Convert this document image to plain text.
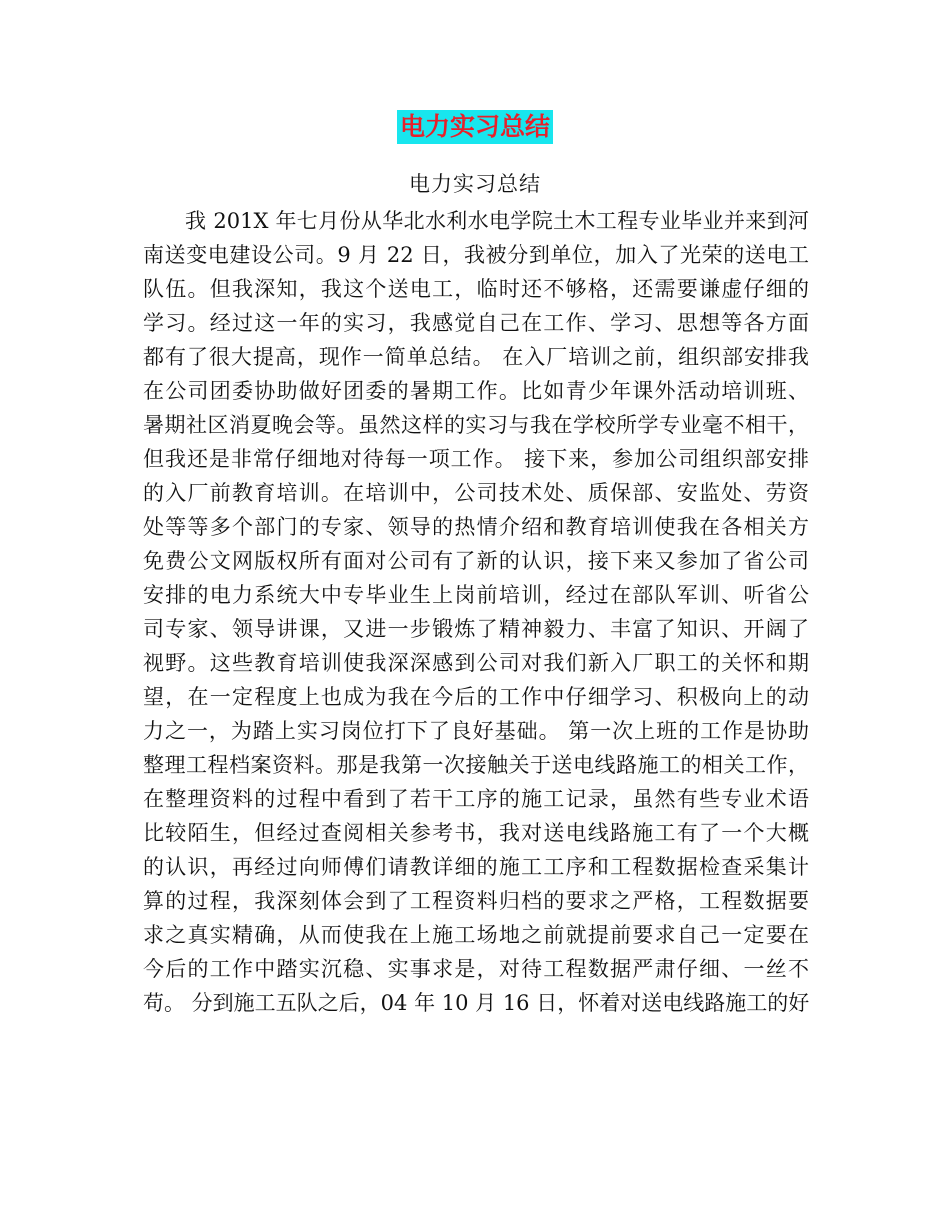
电力实习总结
电力实习总结
我 201X 年七月份从华北水利水电学院土木工程专业毕业并来到河
南送变电建设公司。9 月 22 日，我被分到单位，加入了光荣的送电工
队伍。但我深知，我这个送电工，临时还不够格，还需要谦虚仔细的
学习。经过这一年的实习，我感觉自己在工作、学习、思想等各方面
都有了很大提高，现作一简单总结。 在入厂培训之前，组织部安排我
在公司团委协助做好团委的暑期工作。比如青少年课外活动培训班、
暑期社区消夏晚会等。虽然这样的实习与我在学校所学专业毫不相干，
但我还是非常仔细地对待每一项工作。 接下来，参加公司组织部安排
的入厂前教育培训。在培训中，公司技术处、质保部、安监处、劳资
处等等多个部门的专家、领导的热情介绍和教育培训使我在各相关方
免费公文网版权所有面对公司有了新的认识，接下来又参加了省公司
安排的电力系统大中专毕业生上岗前培训，经过在部队军训、听省公
司专家、领导讲课，又进一步锻炼了精神毅力、丰富了知识、开阔了
视野。这些教育培训使我深深感到公司对我们新入厂职工的关怀和期
望，在一定程度上也成为我在今后的工作中仔细学习、积极向上的动
力之一，为踏上实习岗位打下了良好基础。 第一次上班的工作是协助
整理工程档案资料。那是我第一次接触关于送电线路施工的相关工作，
在整理资料的过程中看到了若干工序的施工记录，虽然有些专业术语
比较陌生，但经过查阅相关参考书，我对送电线路施工有了一个大概
的认识，再经过向师傅们请教详细的施工工序和工程数据检查采集计
算的过程，我深刻体会到了工程资料归档的要求之严格，工程数据要
求之真实精确，从而使我在上施工场地之前就提前要求自己一定要在
今后的工作中踏实沉稳、实事求是，对待工程数据严肃仔细、一丝不
苟。 分到施工五队之后，04 年 10 月 16 日，怀着对送电线路施工的好
